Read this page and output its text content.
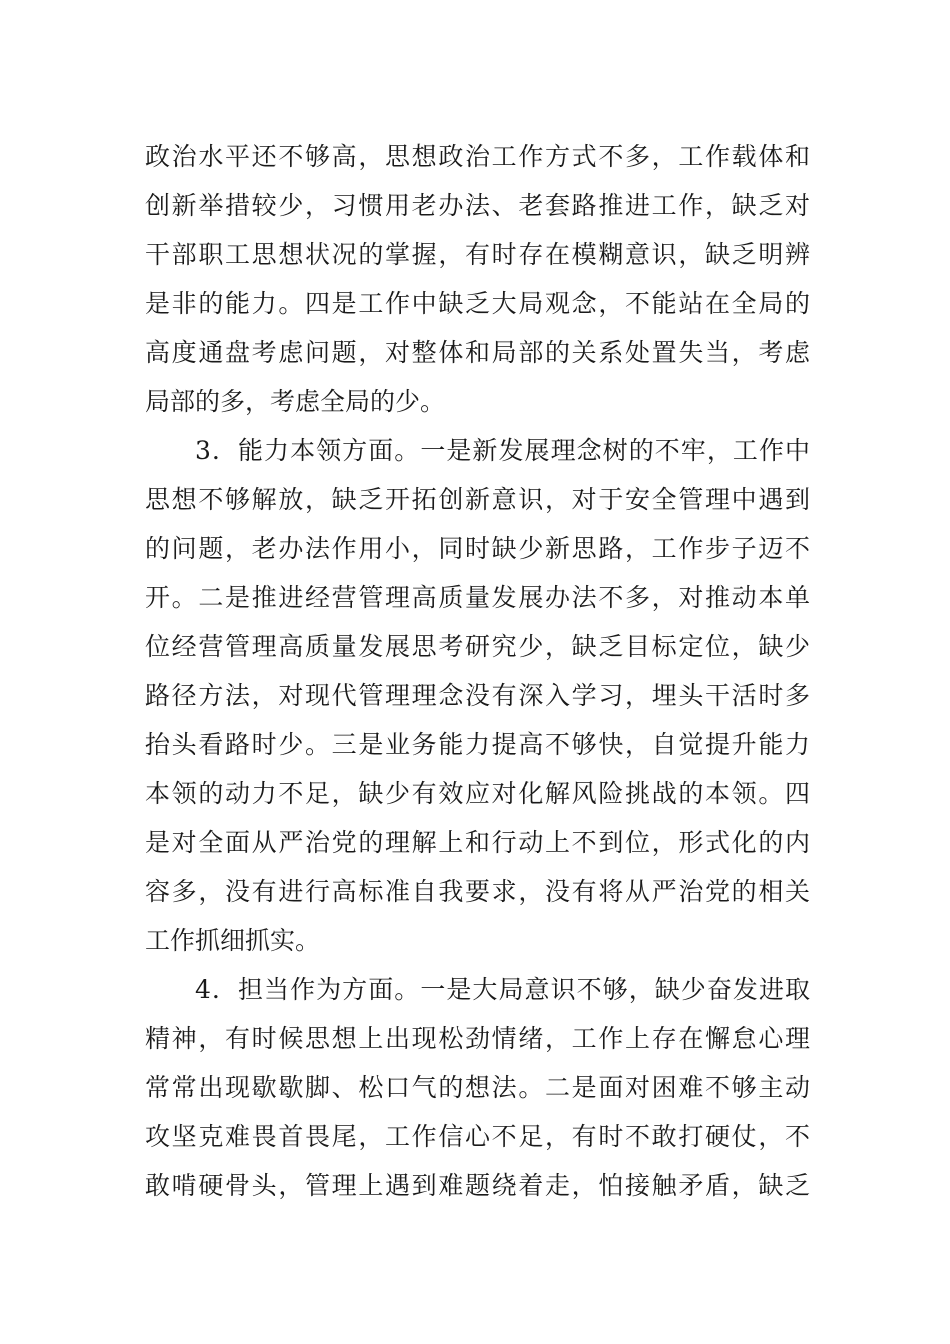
政治水平还不够高，思想政治工作方式不多，工作载体和
创新举措较少，习惯用老办法、老套路推进工作，缺乏对
干部职工思想状况的掌握，有时存在模糊意识，缺乏明辨
是非的能力。四是工作中缺乏大局观念，不能站在全局的
高度通盘考虑问题，对整体和局部的关系处置失当，考虑
局部的多，考虑全局的少。
3．能力本领方面。一是新发展理念树的不牢，工作中
思想不够解放，缺乏开拓创新意识，对于安全管理中遇到
的问题，老办法作用小，同时缺少新思路，工作步子迈不
开。二是推进经营管理高质量发展办法不多，对推动本单
位经营管理高质量发展思考研究少，缺乏目标定位，缺少
路径方法，对现代管理理念没有深入学习，埋头干活时多
抬头看路时少。三是业务能力提高不够快，自觉提升能力
本领的动力不足，缺少有效应对化解风险挑战的本领。四
是对全面从严治党的理解上和行动上不到位，形式化的内
容多，没有进行高标准自我要求，没有将从严治党的相关
工作抓细抓实。
4．担当作为方面。一是大局意识不够，缺少奋发进取
精神，有时候思想上出现松劲情绪，工作上存在懈怠心理
常常出现歇歇脚、松口气的想法。二是面对困难不够主动
攻坚克难畏首畏尾，工作信心不足，有时不敢打硬仗，不
敢啃硬骨头，管理上遇到难题绕着走，怕接触矛盾，缺乏
